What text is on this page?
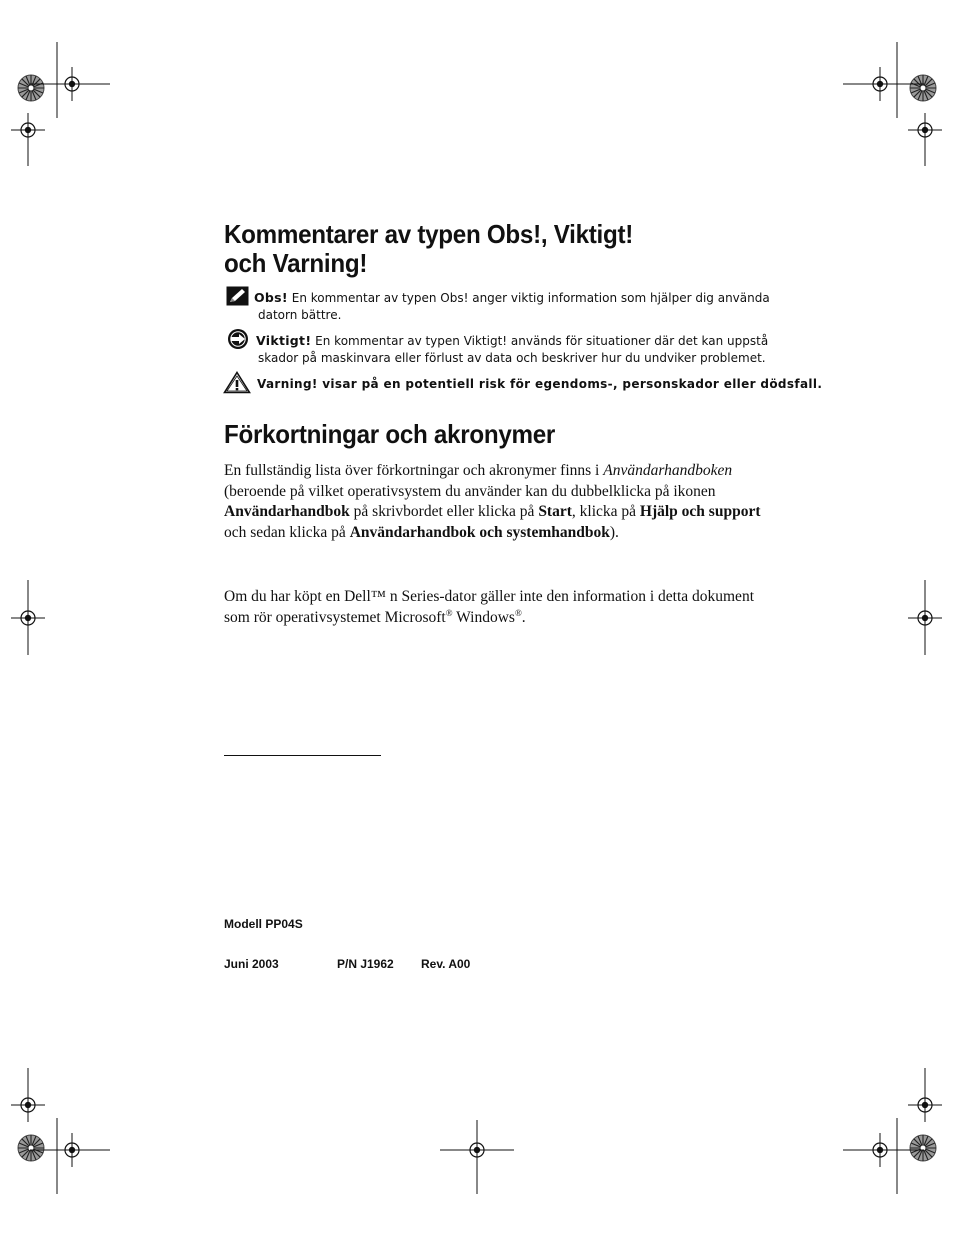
Kommentarer av typen Obs!, Viktigt!
och Varning!
Obs! En kommentar av typen Obs! anger viktig information som hjälper dig använda
datorn bättre.
Viktigt! En kommentar av typen Viktigt! används för situationer där det kan uppstå
skador på maskinvara eller förlust av data och beskriver hur du undviker problemet.
Varning! visar på en potentiell risk för egendoms-, personskador eller dödsfall.
Förkortningar och akronymer
En fullständig lista över förkortningar och akronymer finns i Användarhandboken
(beroende på vilket operativsystem du använder kan du dubbelklicka på ikonen
Användarhandbok på skrivbordet eller klicka på Start, klicka på Hjälp och support
och sedan klicka på Användarhandbok och systemhandbok).
Om du har köpt en Dell™ n Series-dator gäller inte den information i detta dokument
som rör operativsystemet Microsoft® Windows®.
Modell PP04S
Juni 2003	P/N J1962 Rev. A00
